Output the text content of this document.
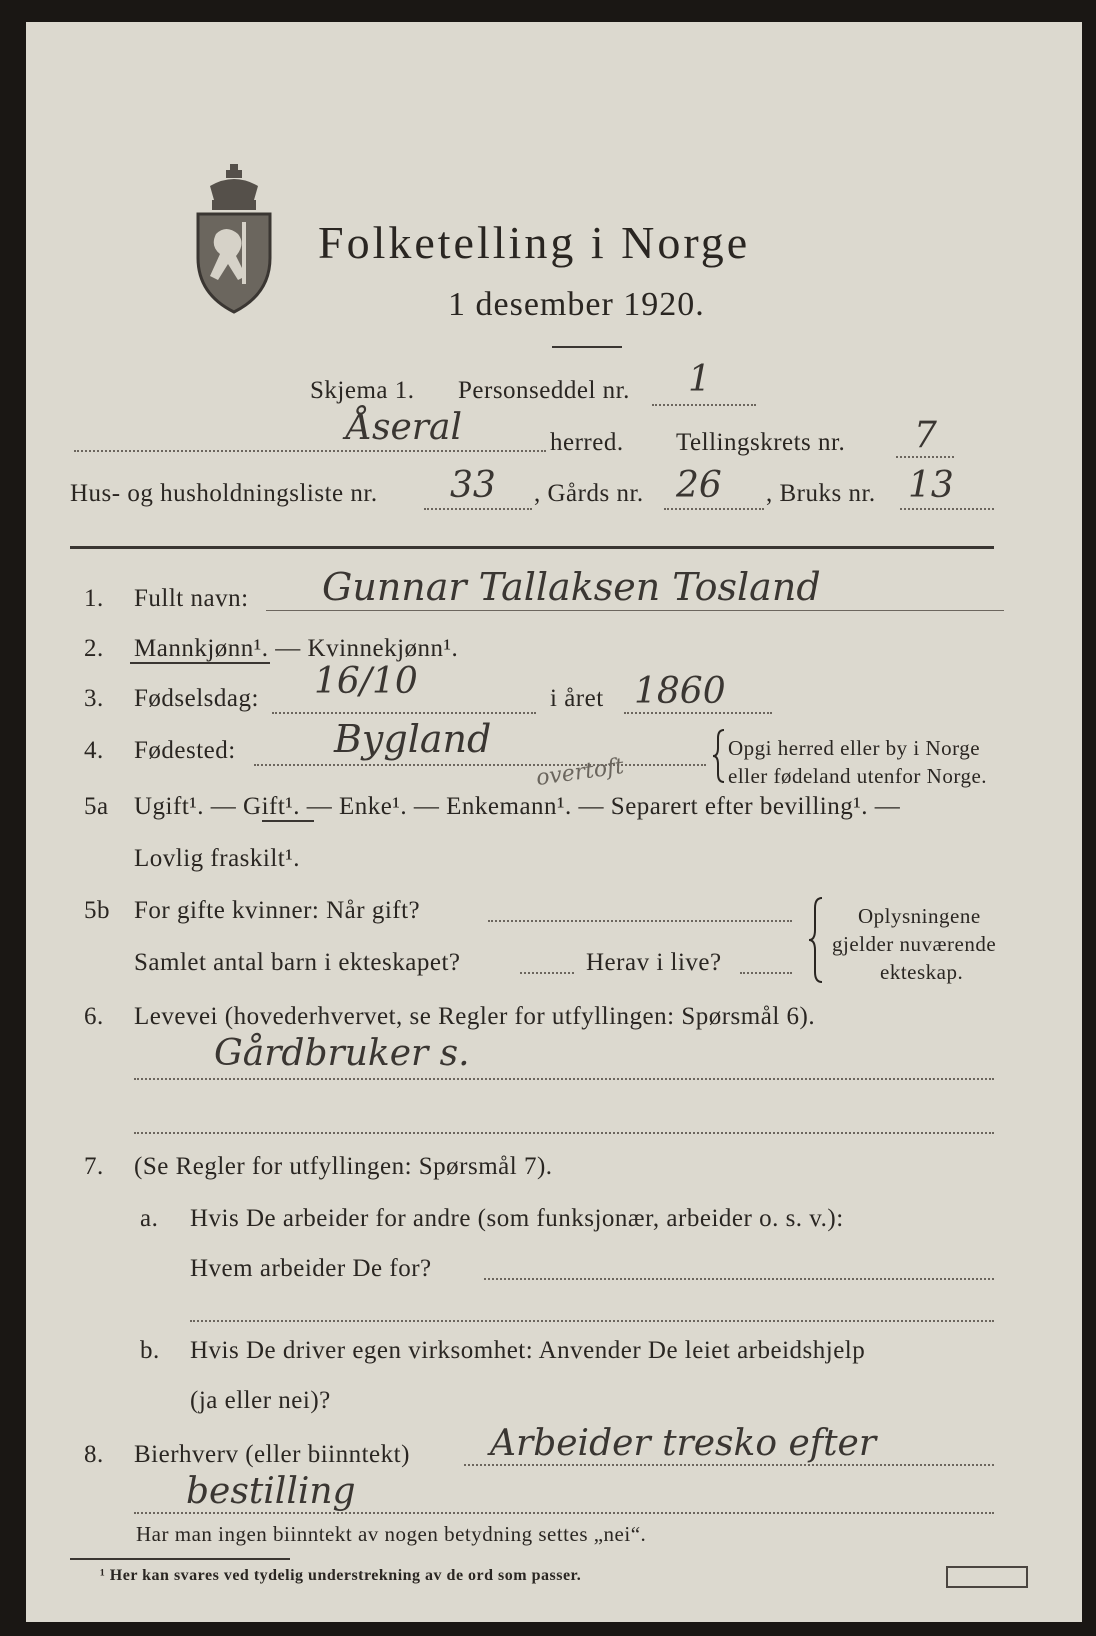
Folketelling i Norge
1 desember 1920.
Skjema 1. Personseddel nr. 1
Åseral	herred. Tellingskrets nr. 7
Hus- og husholdningsliste nr. 33 , Gårds nr. 26 , Bruks nr. 13
1. Fullt navn: Gunnar Tallaksen Tosland
2. Mannkjønn¹. — Kvinnekjønn¹.
3. Fødselsdag: 16/10	i året 1860
4. Fødested:	Bygland	Opgi herred eller by i Norge
eller fødeland utenfor Norge.
5a Ugift¹. — Gift¹. — Enke¹. — Enkemann¹. — Separert efter bevilling¹. —
overtoft
Lovlig fraskilt¹.
5b For gifte kvinner: Når gift?
Samlet antal barn i ekteskapet?	Herav i live?
Oplysningene
gjelder nuværende
ekteskap.
6. Levevei (hovederhvervet, se Regler for utfyllingen: Spørsmål 6).
Gårdbruker s.
7. (Se Regler for utfyllingen: Spørsmål 7).
a. Hvis De arbeider for andre (som funksjonær, arbeider o. s. v.):
Hvem arbeider De for?
b. Hvis De driver egen virksomhet: Anvender De leiet arbeidshjelp
(ja eller nei)?
8. Bierhverv (eller biinntekt) Arbeider tresko efter
bestilling
Har man ingen biinntekt av nogen betydning settes „nei“.
¹ Her kan svares ved tydelig understrekning av de ord som passer.
